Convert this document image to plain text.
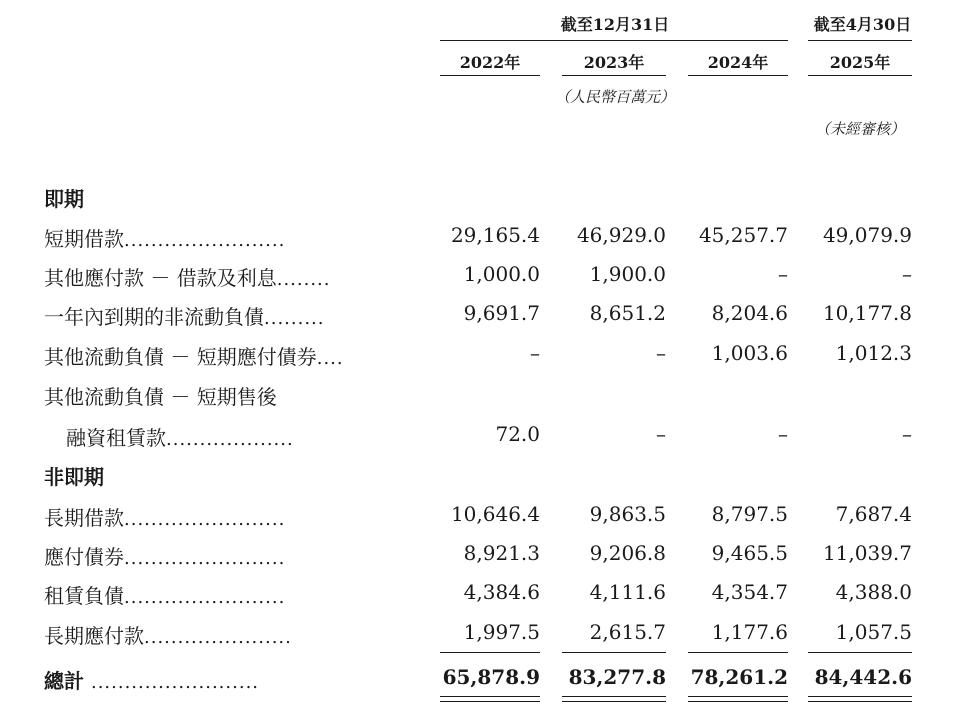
截至12月31日	截至4月30日
2022年	2023年	2024年	2025年
（人民幣百萬元）
（未經審核）
即期
短期借款........................	29,165.4	46,929.0	45,257.7	49,079.9
其他應付款 － 借款及利息........	1,000.0	1,900.0	–	–
一年內到期的非流動負債.........	9,691.7	8,651.2	8,204.6	10,177.8
其他流動負債 － 短期應付債券....	–	–	1,003.6	1,012.3
其他流動負債 － 短期售後
融資租賃款...................	72.0	–	–	–
非即期
長期借款........................	10,646.4	9,863.5	8,797.5	7,687.4
應付債券........................	8,921.3	9,206.8	9,465.5	11,039.7
租賃負債........................	4,384.6	4,111.6	4,354.7	4,388.0
長期應付款......................	1,997.5	2,615.7	1,177.6	1,057.5
總計 .........................	65,878.9	83,277.8	78,261.2	84,442.6
